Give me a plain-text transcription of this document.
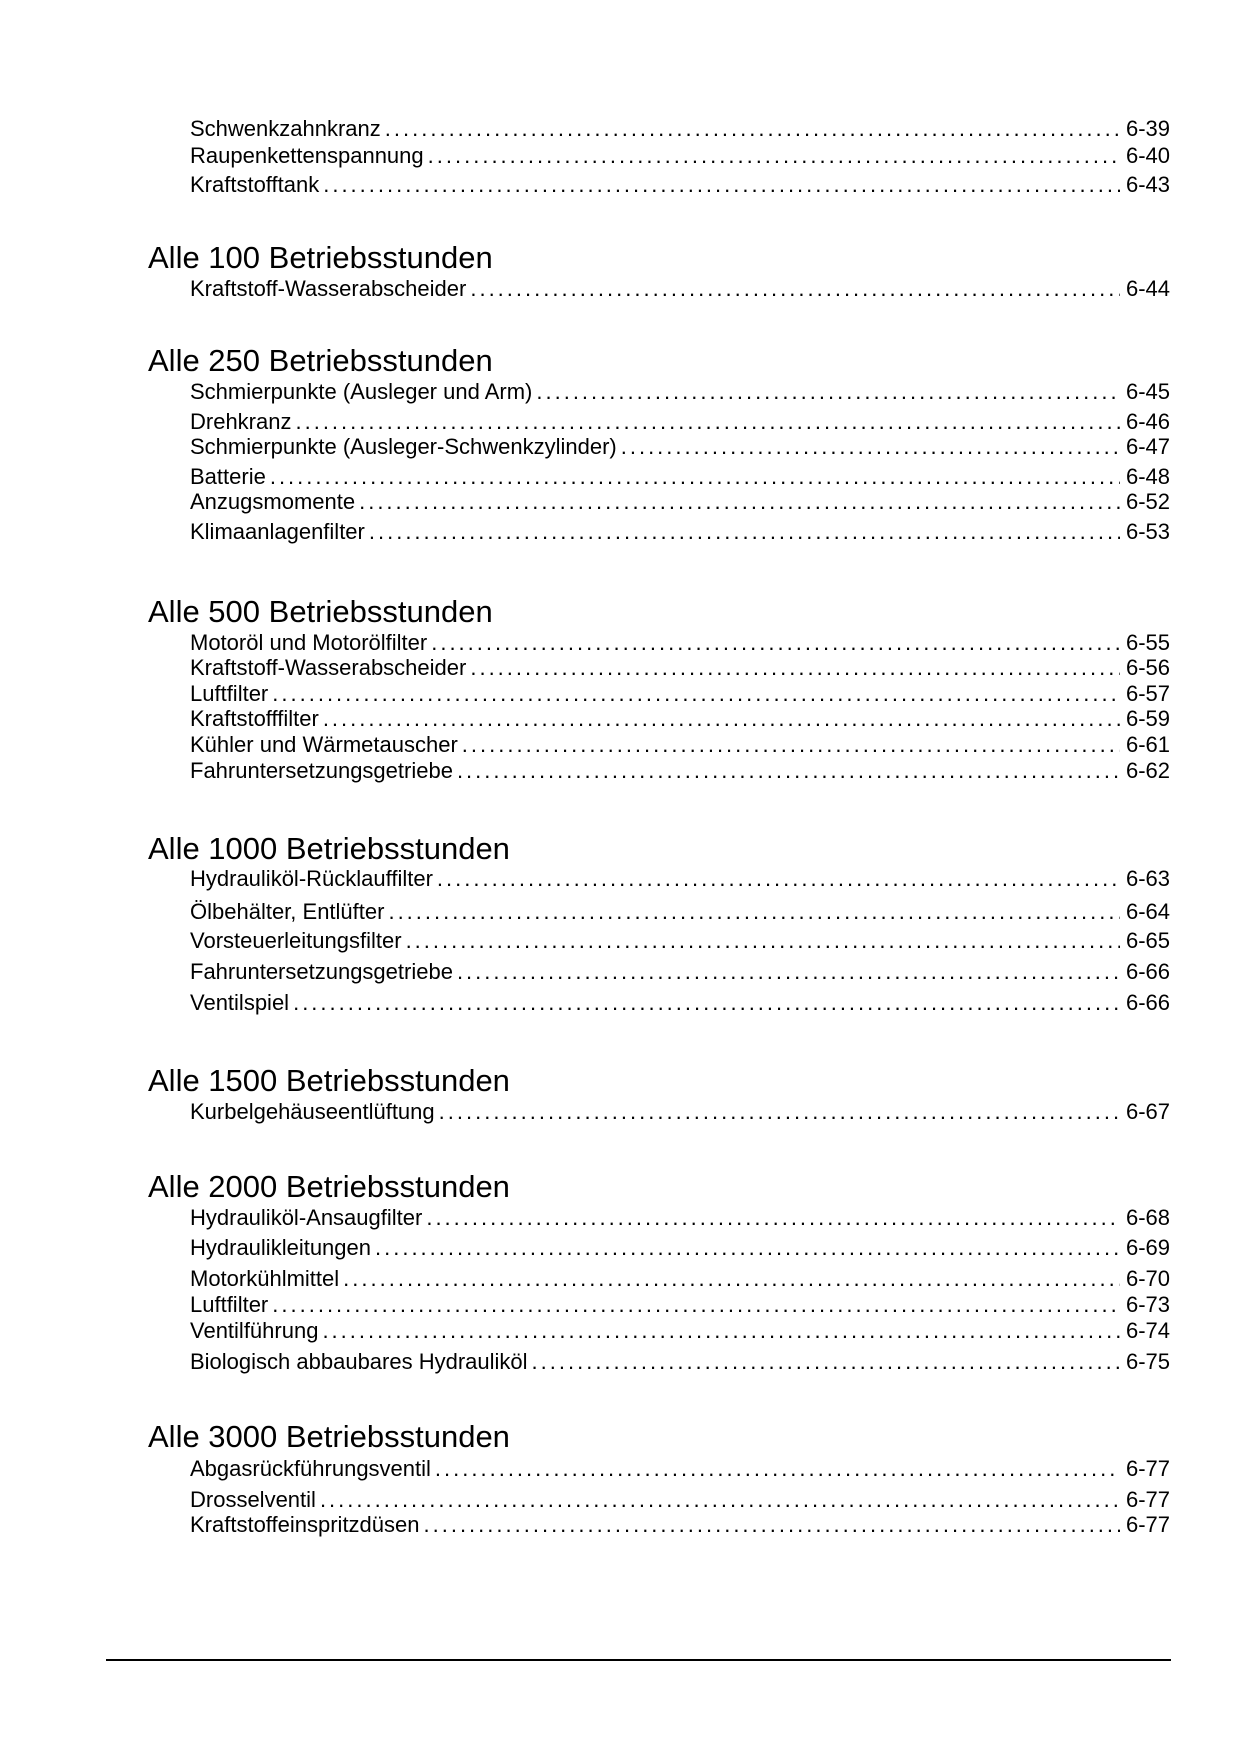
Schwenkzahnkranz .....	6-39
Raupenkettenspannung .....	6-40
Kraftstofftank .....	6-43
Alle 100 Betriebsstunden
Kraftstoff-Wasserabscheider .....	6-44
Alle 250 Betriebsstunden
Schmierpunkte (Ausleger und Arm) .....	6-45
Drehkranz .....	6-46
Schmierpunkte (Ausleger-Schwenkzylinder) .....	6-47
Batterie .....	6-48
Anzugsmomente .....	6-52
Klimaanlagenfilter .....	6-53
Alle 500 Betriebsstunden
Motoröl und Motorölfilter .....	6-55
Kraftstoff-Wasserabscheider .....	6-56
Luftfilter .....	6-57
Kraftstofffilter .....	6-59
Kühler und Wärmetauscher .....	6-61
Fahruntersetzungsgetriebe .....	6-62
Alle 1000 Betriebsstunden
Hydrauliköl-Rücklauffilter .....	6-63
Ölbehälter, Entlüfter .....	6-64
Vorsteuerleitungsfilter .....	6-65
Fahruntersetzungsgetriebe .....	6-66
Ventilspiel .....	6-66
Alle 1500 Betriebsstunden
Kurbelgehäuseentlüftung .....	6-67
Alle 2000 Betriebsstunden
Hydrauliköl-Ansaugfilter .....	6-68
Hydraulikleitungen .....	6-69
Motorkühlmittel .....	6-70
Luftfilter .....	6-73
Ventilführung .....	6-74
Biologisch abbaubares Hydrauliköl .....	6-75
Alle 3000 Betriebsstunden
Abgasrückführungsventil .....	6-77
Drosselventil .....	6-77
Kraftstoffeinspritzdüsen .....	6-77
